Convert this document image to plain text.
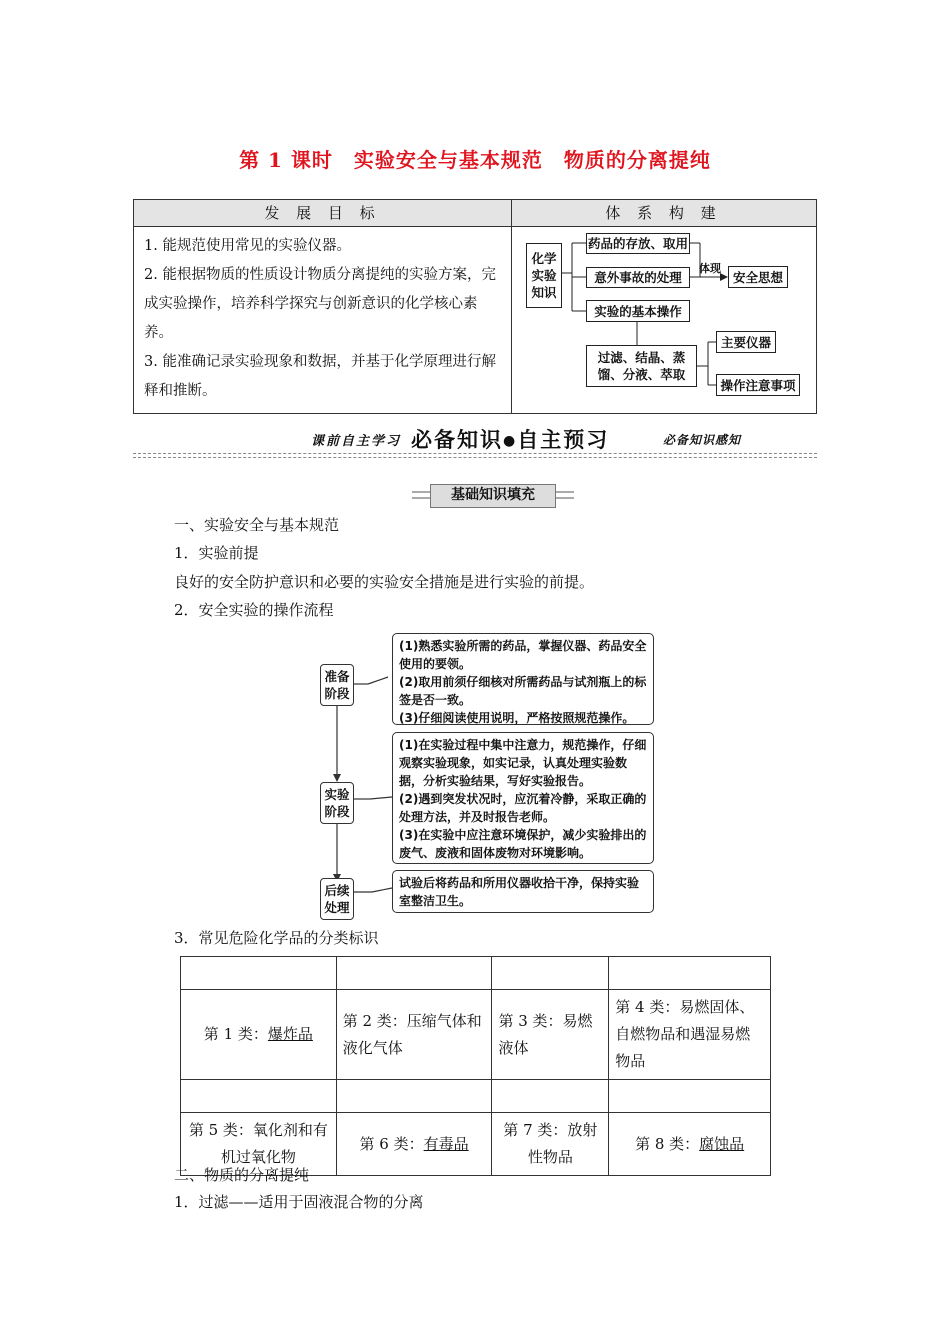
第 1 课时　实验安全与基本规范　物质的分离提纯
发 展 目 标	体 系 构 建

1. 能规范使用常见的实验仪器。

2. 能根据物质的性质设计物质分离提纯的实验方案，完成实验操作，培养科学探究与创新意识的化学核心素养。

3. 能准确记录实验现象和数据，并基于化学原理进行解释和推断。

化学实验知识
药品的存放、取用
意外事故的处理
实验的基本操作
体现
安全思想
过滤、结晶、蒸馏、分液、萃取
主要仪器
操作注意事项
课前自主学习 必备知识●自主预习	必备知识感知
基础知识填充
一、实验安全与基本规范
1．实验前提
良好的安全防护意识和必要的实验安全措施是进行实验的前提。
2．安全实验的操作流程
准备阶段
实验阶段
后续处理

(1)熟悉实验所需的药品，掌握仪器、药品安全使用的要领。

(2)取用前须仔细核对所需药品与试剂瓶上的标签是否一致。

(3)仔细阅读使用说明，严格按照规范操作。

(1)在实验过程中集中注意力，规范操作，仔细观察实验现象，如实记录，认真处理实验数据，分析实验结果，写好实验报告。

(2)遇到突发状况时，应沉着冷静，采取正确的处理方法，并及时报告老师。

(3)在实验中应注意环境保护，减少实验排出的废气、废液和固体废物对环境影响。

试验后将药品和所用仪器收拾干净，保持实验室整洁卫生。

3．常见危险化学品的分类标识

第 1 类：爆炸品	第 2 类：压缩气体和液化气体	第 3 类：易燃液体	第 4 类：易燃固体、自燃物品和遇湿易燃物品

第 5 类：氧化剂和有机过氧化物	第 6 类：有毒品	第 7 类：放射性物品	第 8 类：腐蚀品
二、物质的分离提纯
1．过滤——适用于固液混合物的分离
